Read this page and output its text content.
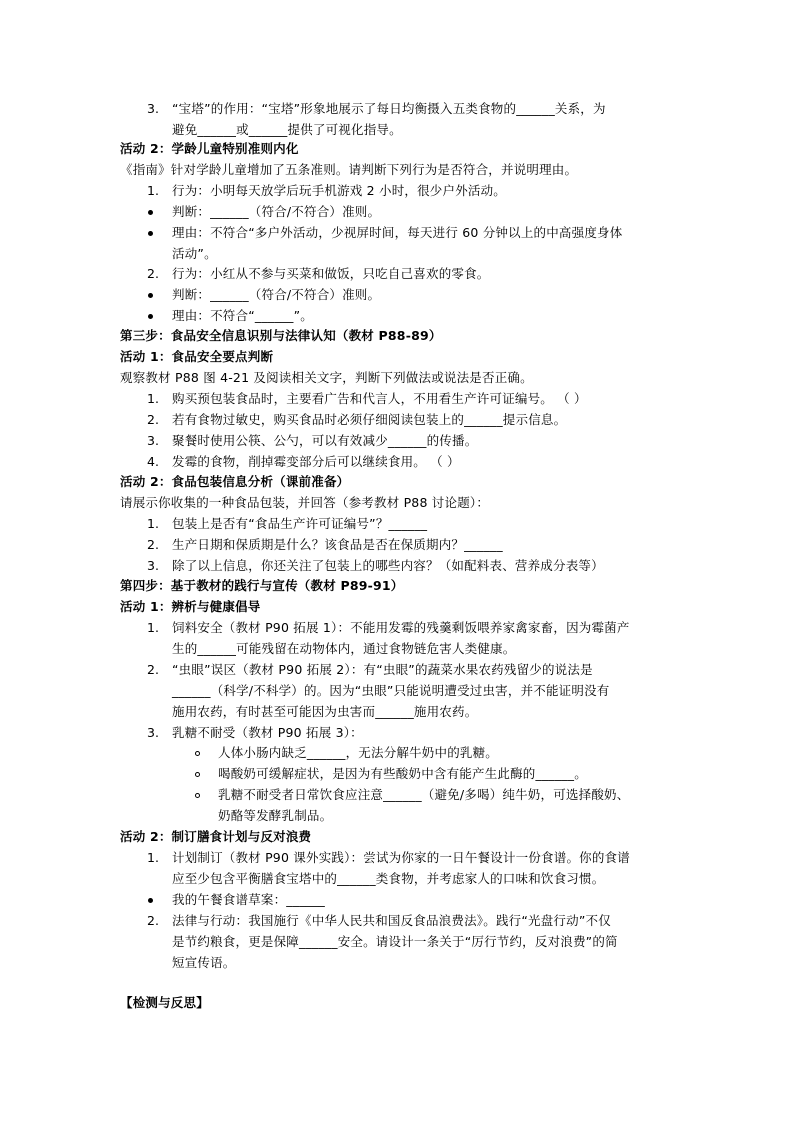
3. “宝塔”的作用：“宝塔”形象地展示了每日均衡摄入五类食物的______关系，为
避免______或______提供了可视化指导。
活动 2：学龄儿童特别准则内化
《指南》针对学龄儿童增加了五条准则。请判断下列行为是否符合，并说明理由。
1. 行为：小明每天放学后玩手机游戏 2 小时，很少户外活动。
判断：______（符合/不符合）准则。
理由：不符合“多户外活动，少视屏时间，每天进行 60 分钟以上的中高强度身体
活动”。
2. 行为：小红从不参与买菜和做饭，只吃自己喜欢的零食。
判断：______（符合/不符合）准则。
理由：不符合“______”。
第三步：食品安全信息识别与法律认知（教材 P88-89）
活动 1：食品安全要点判断
观察教材 P88 图 4-21 及阅读相关文字，判断下列做法或说法是否正确。
1. 购买预包装食品时，主要看广告和代言人，不用看生产许可证编号。 （ ）
2. 若有食物过敏史，购买食品时必须仔细阅读包装上的______提示信息。
3. 聚餐时使用公筷、公勺，可以有效减少______的传播。
4. 发霉的食物，削掉霉变部分后可以继续食用。 （ ）
活动 2：食品包装信息分析（课前准备）
请展示你收集的一种食品包装，并回答（参考教材 P88 讨论题）：
1. 包装上是否有“食品生产许可证编号”？______
2. 生产日期和保质期是什么？该食品是否在保质期内？______
3. 除了以上信息，你还关注了包装上的哪些内容？（如配料表、营养成分表等）
第四步：基于教材的践行与宣传（教材 P89-91）
活动 1：辨析与健康倡导
1. 饲料安全（教材 P90 拓展 1）：不能用发霉的残羹剩饭喂养家禽家畜，因为霉菌产
生的______可能残留在动物体内，通过食物链危害人类健康。
2. “虫眼”误区（教材 P90 拓展 2）：有“虫眼”的蔬菜水果农药残留少的说法是
______（科学/不科学）的。因为“虫眼”只能说明遭受过虫害，并不能证明没有
施用农药，有时甚至可能因为虫害而______施用农药。
3. 乳糖不耐受（教材 P90 拓展 3）：
人体小肠内缺乏______，无法分解牛奶中的乳糖。
喝酸奶可缓解症状，是因为有些酸奶中含有能产生此酶的______。
乳糖不耐受者日常饮食应注意______（避免/多喝）纯牛奶，可选择酸奶、
奶酪等发酵乳制品。
活动 2：制订膳食计划与反对浪费
1. 计划制订（教材 P90 课外实践）：尝试为你家的一日午餐设计一份食谱。你的食谱
应至少包含平衡膳食宝塔中的______类食物，并考虑家人的口味和饮食习惯。
我的午餐食谱草案：______
2. 法律与行动：我国施行《中华人民共和国反食品浪费法》。践行“光盘行动”不仅
是节约粮食，更是保障______安全。请设计一条关于“厉行节约，反对浪费”的简
短宣传语。
【检测与反思】
